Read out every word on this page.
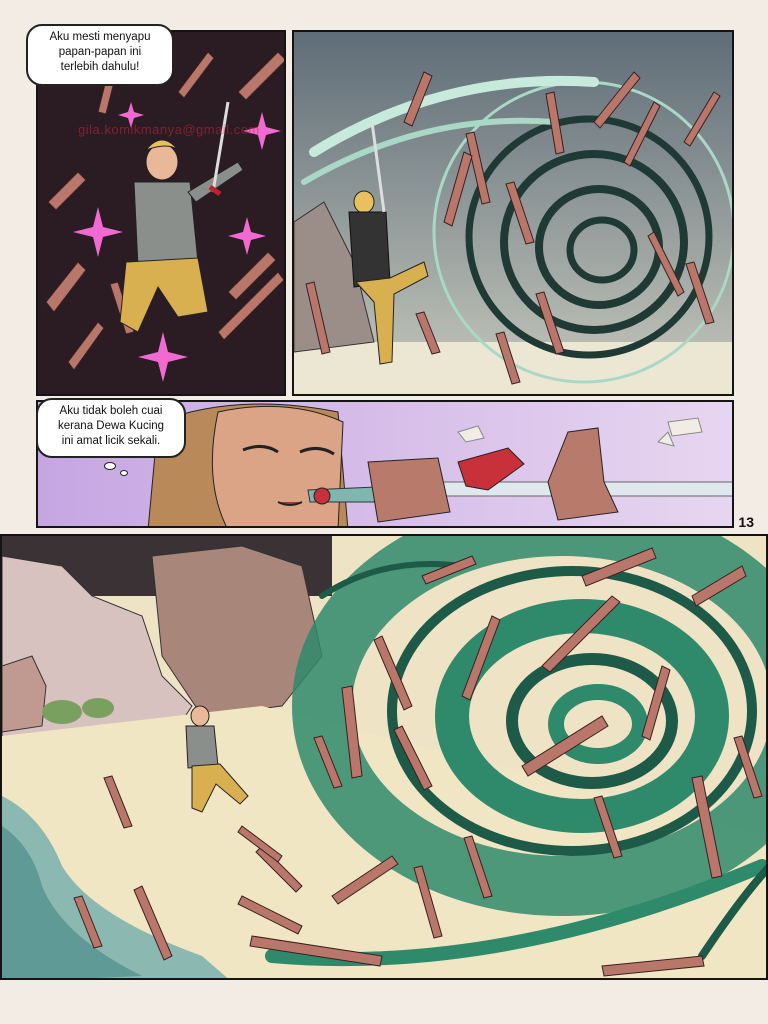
gila.komikmanya@gmail.com
Aku mesti menyapu
papan-papan ini
terlebih dahulu!
Aku tidak boleh cuai
kerana Dewa Kucing
ini amat licik sekali.
13
